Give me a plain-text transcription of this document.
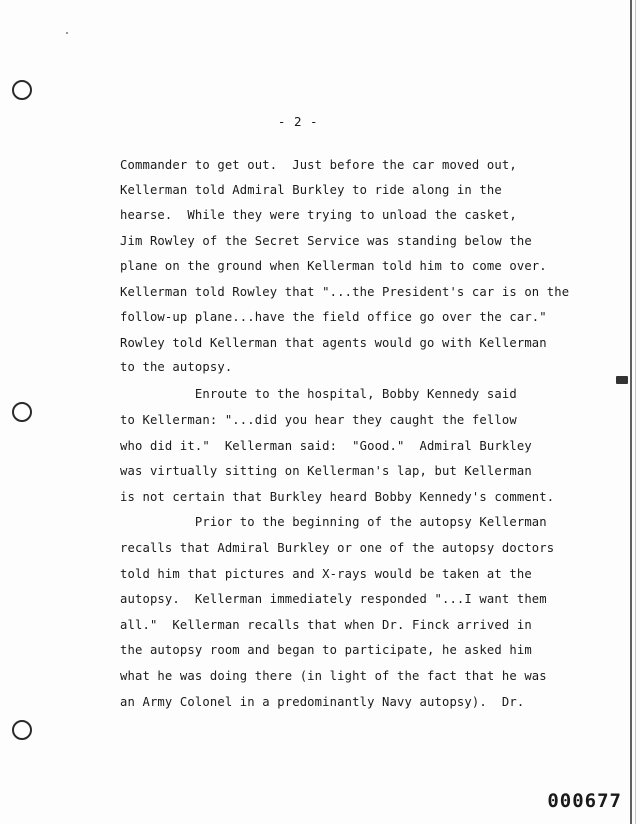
- 2 -
Commander to get out.  Just before the car moved out,
Kellerman told Admiral Burkley to ride along in the
hearse.  While they were trying to unload the casket,
Jim Rowley of the Secret Service was standing below the
plane on the ground when Kellerman told him to come over.
Kellerman told Rowley that "...the President's car is on the
follow-up plane...have the field office go over the car."
Rowley told Kellerman that agents would go with Kellerman
to the autopsy.
Enroute to the hospital, Bobby Kennedy said
to Kellerman: "...did you hear they caught the fellow
who did it."  Kellerman said:  "Good."  Admiral Burkley
was virtually sitting on Kellerman's lap, but Kellerman
is not certain that Burkley heard Bobby Kennedy's comment.
Prior to the beginning of the autopsy Kellerman
recalls that Admiral Burkley or one of the autopsy doctors
told him that pictures and X-rays would be taken at the
autopsy.  Kellerman immediately responded "...I want them
all."  Kellerman recalls that when Dr. Finck arrived in
the autopsy room and began to participate, he asked him
what he was doing there (in light of the fact that he was
an Army Colonel in a predominantly Navy autopsy).  Dr.
000677
